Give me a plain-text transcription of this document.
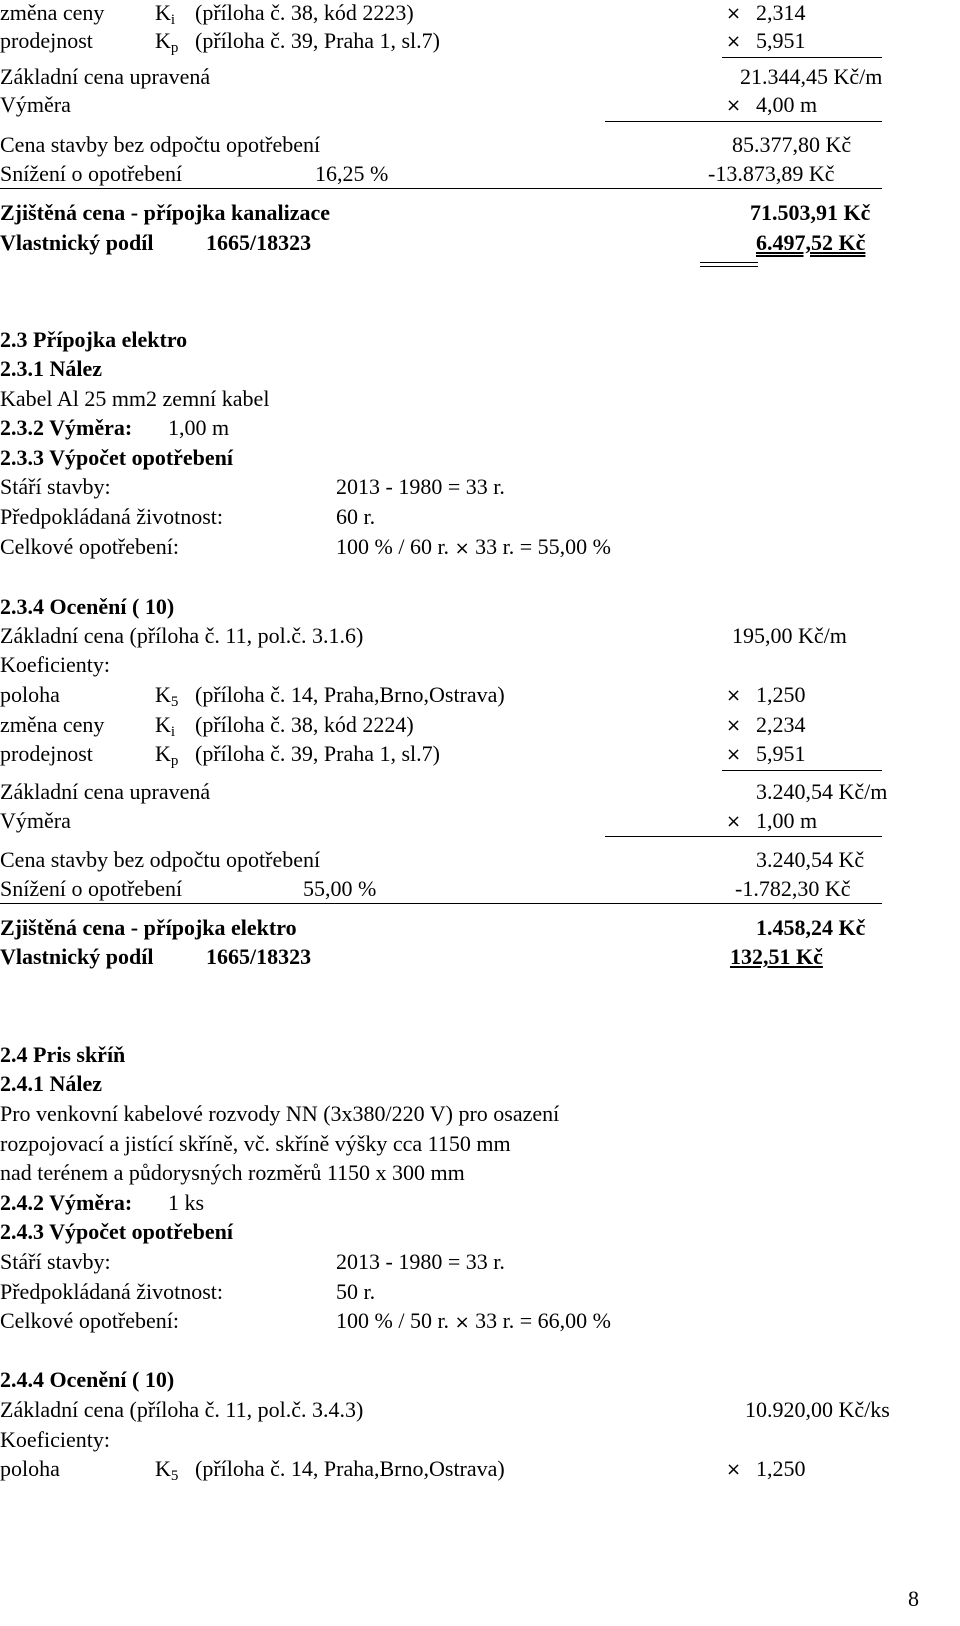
změna ceny $K_i$ (příloha č. 38, kód 2223)	× 2,314
prodejnost	$K_p$ (příloha č. 39, Praha 1, sl.7)	× 5,951
Základní cena upravená	21.344,45 Kč/m
Výměra	× 4,00 m
Cena stavby bez odpočtu opotřebení	85.377,80 Kč
Snížení o opotřebení	16,25 %	-13.873,89 Kč
Zjištěná cena - přípojka kanalizace	71.503,91 Kč
Vlastnický podíl 1665/18323	6.497,52 Kč
2.3 Přípojka elektro
2.3.1 Nález
Kabel Al 25 mm2 zemní kabel
2.3.2 Výměra: 1,00 m
2.3.3 Výpočet opotřebení
Stáří stavby:	2013 - 1980 = 33 r.
Předpokládaná životnost:	60 r.
Celkové opotřebení:	100 % / 60 r. × 33 r. = 55,00 %
2.3.4 Ocenění ( 10)
Základní cena (příloha č. 11, pol.č. 3.1.6)	195,00 Kč/m
Koeficienty:
poloha	$K_5$ (příloha č. 14, Praha,Brno,Ostrava)	× 1,250
změna ceny $K_i$ (příloha č. 38, kód 2224)	× 2,234
prodejnost	$K_p$ (příloha č. 39, Praha 1, sl.7)	× 5,951
Základní cena upravená	3.240,54 Kč/m
Výměra	× 1,00 m
Cena stavby bez odpočtu opotřebení	3.240,54 Kč
Snížení o opotřebení	55,00 %	-1.782,30 Kč
Zjištěná cena - přípojka elektro	1.458,24 Kč
Vlastnický podíl 1665/18323	132,51 Kč
2.4 Pris skříň
2.4.1 Nález
Pro venkovní kabelové rozvody NN (3x380/220 V) pro osazení
rozpojovací a jistící skříně, vč. skříně výšky cca 1150 mm
nad terénem a půdorysných rozměrů 1150 x 300 mm
2.4.2 Výměra: 1 ks
2.4.3 Výpočet opotřebení
Stáří stavby:	2013 - 1980 = 33 r.
Předpokládaná životnost:	50 r.
Celkové opotřebení:	100 % / 50 r. × 33 r. = 66,00 %
2.4.4 Ocenění ( 10)
Základní cena (příloha č. 11, pol.č. 3.4.3)	10.920,00 Kč/ks
Koeficienty:
poloha	$K_5$ (příloha č. 14, Praha,Brno,Ostrava)	× 1,250
8
